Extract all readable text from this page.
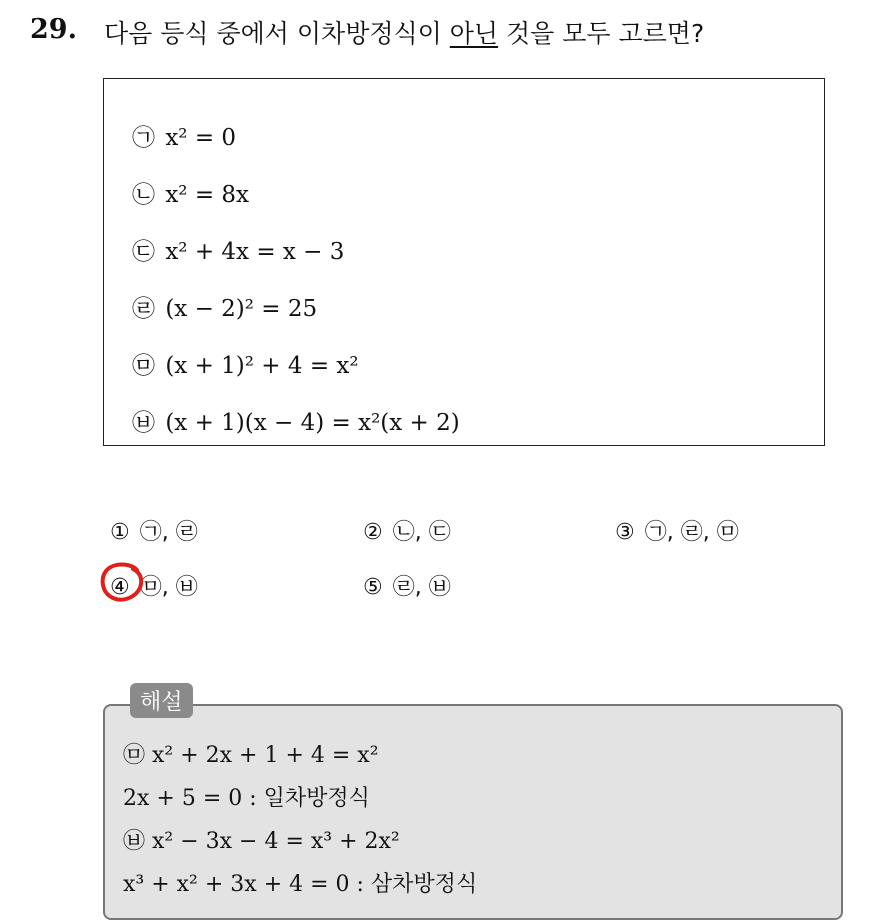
29. 다음 등식 중에서 이차방정식이 아닌 것을 모두 고르면?
㉠ x² = 0
㉡ x² = 8x
㉢ x² + 4x = x − 3
㉣ (x − 2)² = 25
㉤ (x + 1)² + 4 = x²
㉥ (x + 1)(x − 4) = x²(x + 2)
① ㉠, ㉣	② ㉡, ㉢	③ ㉠, ㉣, ㉤
④ ㉤, ㉥	⑤ ㉣, ㉥
㉤ x² + 2x + 1 + 4 = x²
2x + 5 = 0 : 일차방정식
㉥ x² − 3x − 4 = x³ + 2x²
x³ + x² + 3x + 4 = 0 : 삼차방정식
해설
